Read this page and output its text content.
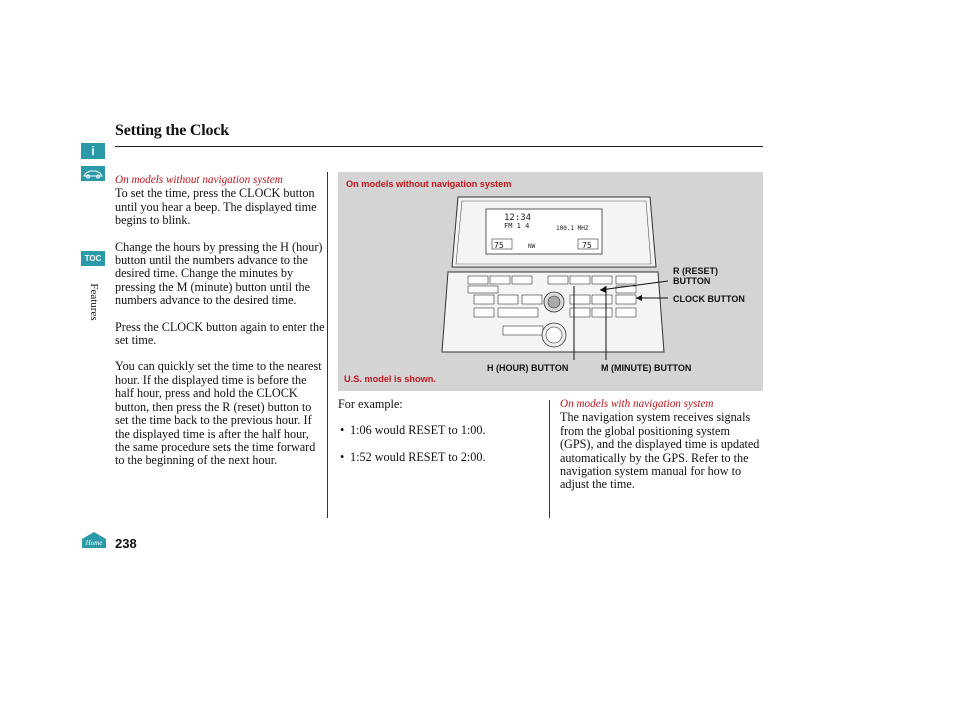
i
TOC
Features
Home
Setting the Clock
On models without navigation system

To set the time, press the CLOCK button until you hear a beep. The displayed time begins to blink.

Change the hours by pressing the H (hour) button until the numbers advance to the desired time. Change the minutes by pressing the M (minute) button until the numbers advance to the desired time.

Press the CLOCK button again to enter the set time.

You can quickly set the time to the nearest hour. If the displayed time is before the half hour, press and hold the CLOCK button, then press the R (reset) button to set the time back to the previous hour. If the displayed time is after the half hour, the same procedure sets the time forward to the beginning of the next hour.

12:34
FM 1 4	100.1 MHZ
75	NW	75
On models without navigation system
R (RESET) BUTTON
CLOCK BUTTON
H (HOUR) BUTTON	M (MINUTE) BUTTON
U.S. model is shown.
For example:
• 1:06 would RESET to 1:00.
• 1:52 would RESET to 2:00.
On models with navigation system

The navigation system receives signals from the global positioning system (GPS), and the displayed time is updated automatically by the GPS. Refer to the navigation system manual for how to adjust the time.

238
